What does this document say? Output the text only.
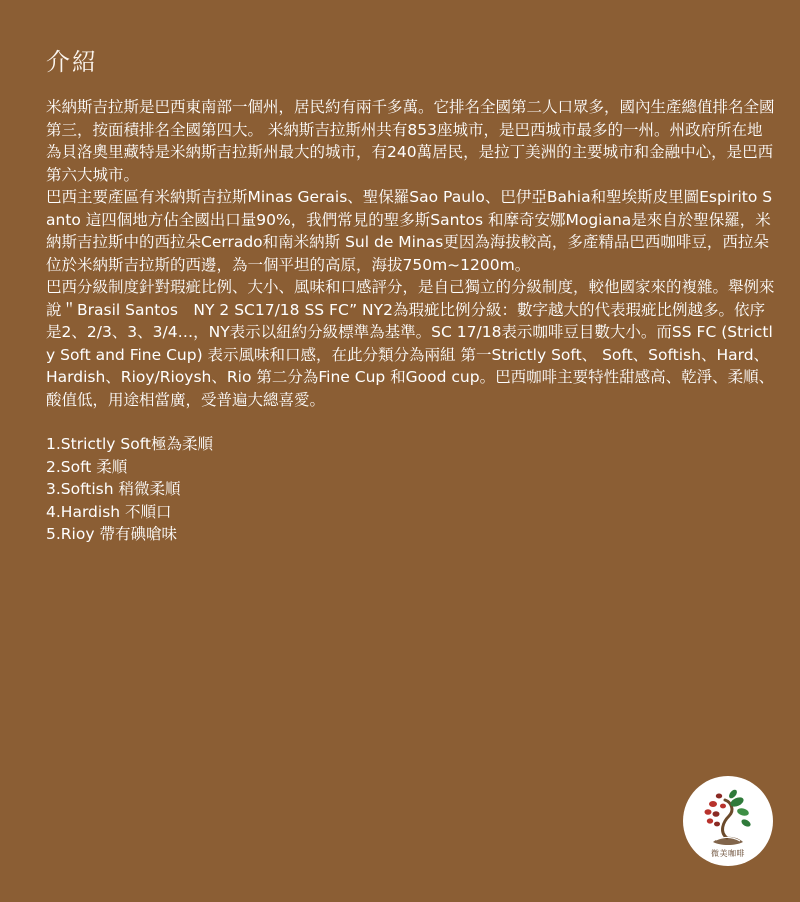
介紹

米納斯吉拉斯是巴西東南部一個州，居民約有兩千多萬。它排名全國第二人口眾多，國內生產總值排名全國第三，按面積排名全國第四大。 米納斯吉拉斯州共有853座城市，是巴西城市最多的一州。州政府所在地為貝洛奧里藏特是米納斯吉拉斯州最大的城市，有240萬居民，是拉丁美洲的主要城市和金融中心，是巴西第六大城市。

巴西主要產區有米納斯吉拉斯Minas Gerais、聖保羅Sao Paulo、巴伊亞Bahia和聖埃斯皮里圖Espirito Santo 這四個地方佔全國出口量90%，我們常見的聖多斯Santos 和摩奇安娜Mogiana是來自於聖保羅，米納斯吉拉斯中的西拉朵Cerrado和南米納斯 Sul de Minas更因為海拔較高，多產精品巴西咖啡豆，西拉朵位於米納斯吉拉斯的西邊，為一個平坦的高原，海拔750m~1200m。

巴西分級制度針對瑕疵比例、大小、風味和口感評分，是自己獨立的分級制度，較他國家來的複雜。舉例來說＂Brasil Santos　NY 2 SC17/18 SS FC” NY2為瑕疵比例分級：數字越大的代表瑕疵比例越多。依序是2、2/3、3、3/4…，NY表示以紐約分級標準為基準。SC 17/18表示咖啡豆目數大小。而SS FC (Strictly Soft and Fine Cup) 表示風味和口感，在此分類分為兩組 第一Strictly Soft、 Soft、Softish、Hard、Hardish、Rioy/Rioysh、Rio 第二分為Fine Cup 和Good cup。巴西咖啡主要特性甜感高、乾淨、柔順、酸值低，用途相當廣，受普遍大總喜愛。

1.Strictly Soft極為柔順
2.Soft 柔順
3.Softish 稍微柔順
4.Hardish 不順口
5.Rioy 帶有碘嗆味
微美咖啡
